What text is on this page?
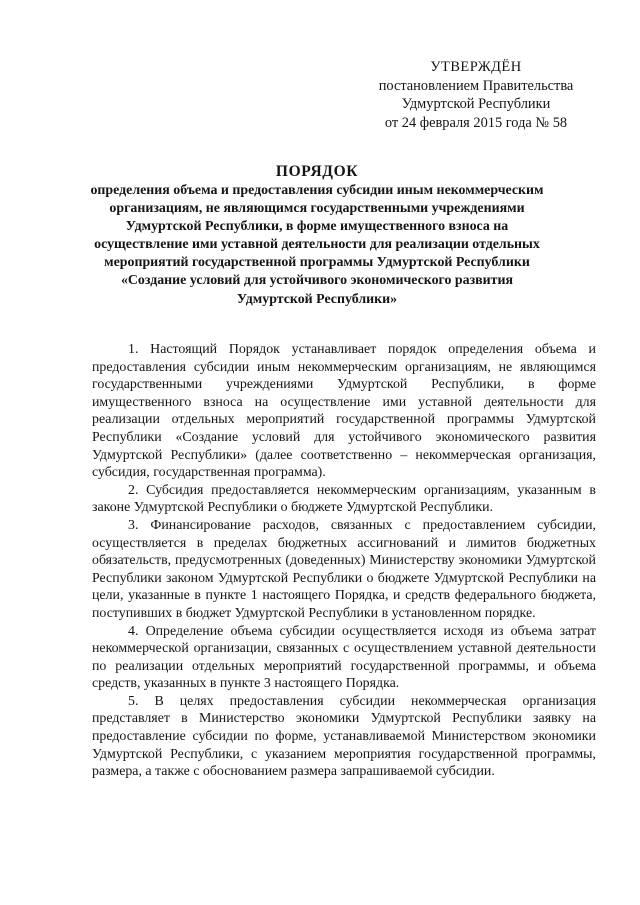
УТВЕРЖДЁН
постановлением Правительства
Удмуртской Республики
от 24 февраля 2015 года № 58
ПОРЯДОК
определения объема и предоставления субсидии иным некоммерческим организациям, не являющимся государственными учреждениями Удмуртской Республики, в форме имущественного взноса на осуществление ими уставной деятельности для реализации отдельных мероприятий государственной программы Удмуртской Республики «Создание условий для устойчивого экономического развития Удмуртской Республики»

1. Настоящий Порядок устанавливает порядок определения объема и предоставления субсидии иным некоммерческим организациям, не являющимся государственными учреждениями Удмуртской Республики, в форме имущественного взноса на осуществление ими уставной деятельности для реализации отдельных мероприятий государственной программы Удмуртской Республики «Создание условий для устойчивого экономического развития Удмуртской Республики» (далее соответственно – некоммерческая организация, субсидия, государственная программа).

2. Субсидия предоставляется некоммерческим организациям, указанным в законе Удмуртской Республики о бюджете Удмуртской Республики.

3. Финансирование расходов, связанных с предоставлением субсидии, осуществляется в пределах бюджетных ассигнований и лимитов бюджетных обязательств, предусмотренных (доведенных) Министерству экономики Удмуртской Республики законом Удмуртской Республики о бюджете Удмуртской Республики на цели, указанные в пункте 1 настоящего Порядка, и средств федерального бюджета, поступивших в бюджет Удмуртской Республики в установленном порядке.

4. Определение объема субсидии осуществляется исходя из объема затрат некоммерческой организации, связанных с осуществлением уставной деятельности по реализации отдельных мероприятий государственной программы, и объема средств, указанных в пункте 3 настоящего Порядка.

5. В целях предоставления субсидии некоммерческая организация представляет в Министерство экономики Удмуртской Республики заявку на предоставление субсидии по форме, устанавливаемой Министерством экономики Удмуртской Республики, с указанием мероприятия государственной программы, размера, а также с обоснованием размера запрашиваемой субсидии.
